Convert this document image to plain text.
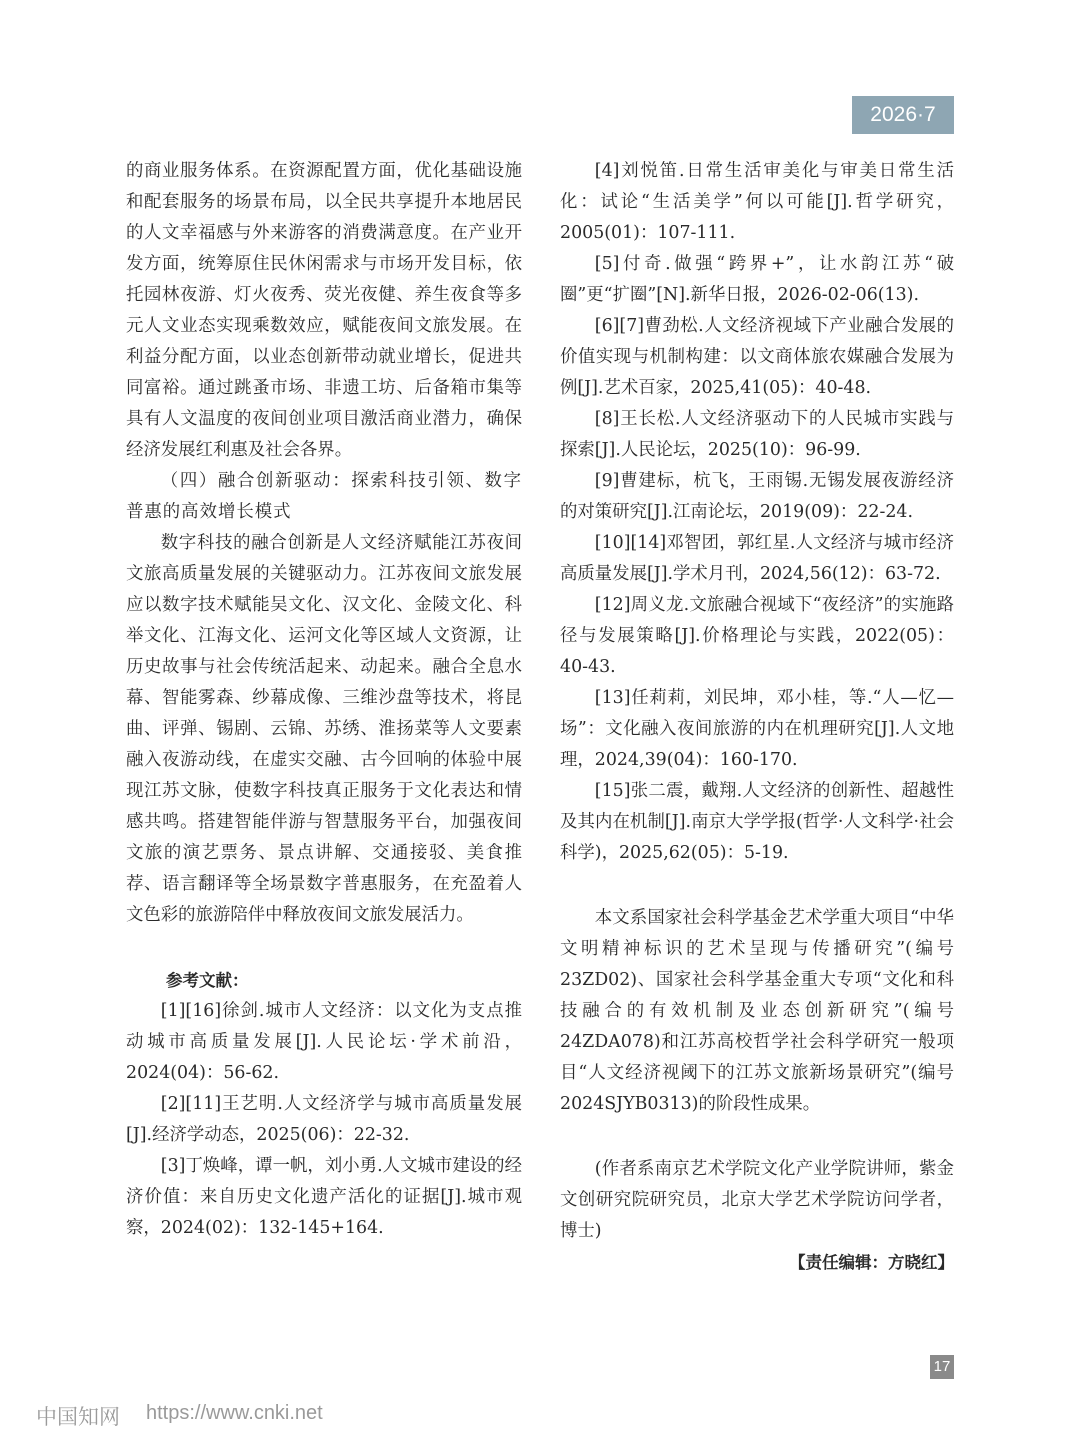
2026·7

的商业服务体系。在资源配置方面，优化基础设施和配套服务的场景布局，以全民共享提升本地居民的人文幸福感与外来游客的消费满意度。在产业开发方面，统筹原住民休闲需求与市场开发目标，依托园林夜游、灯火夜秀、荧光夜健、养生夜食等多元人文业态实现乘数效应，赋能夜间文旅发展。在利益分配方面，以业态创新带动就业增长，促进共同富裕。通过跳蚤市场、非遗工坊、后备箱市集等具有人文温度的夜间创业项目激活商业潜力，确保经济发展红利惠及社会各界。

（四）融合创新驱动：探索科技引领、数字普惠的高效增长模式

数字科技的融合创新是人文经济赋能江苏夜间文旅高质量发展的关键驱动力。江苏夜间文旅发展应以数字技术赋能吴文化、汉文化、金陵文化、科举文化、江海文化、运河文化等区域人文资源，让历史故事与社会传统活起来、动起来。融合全息水幕、智能雾森、纱幕成像、三维沙盘等技术，将昆曲、评弹、锡剧、云锦、苏绣、淮扬菜等人文要素融入夜游动线，在虚实交融、古今回响的体验中展现江苏文脉，使数字科技真正服务于文化表达和情感共鸣。搭建智能伴游与智慧服务平台，加强夜间文旅的演艺票务、景点讲解、交通接驳、美食推荐、语言翻译等全场景数字普惠服务，在充盈着人文色彩的旅游陪伴中释放夜间文旅发展活力。

参考文献：

[1][16]徐剑.城市人文经济：以文化为支点推动城市高质量发展[J].人民论坛·学术前沿，2024(04)：56-62.

[2][11]王艺明.人文经济学与城市高质量发展[J].经济学动态，2025(06)：22-32.

[3]丁焕峰，谭一帆，刘小勇.人文城市建设的经济价值：来自历史文化遗产活化的证据[J].城市观察，2024(02)：132-145+164.

[4]刘悦笛.日常生活审美化与审美日常生活化：试论“生活美学”何以可能[J].哲学研究，2005(01)：107-111.

[5]付奇.做强“跨界+”，让水韵江苏“破圈”更“扩圈”[N].新华日报，2026-02-06(13).

[6][7]曹劲松.人文经济视域下产业融合发展的价值实现与机制构建：以文商体旅农媒融合发展为例[J].艺术百家，2025,41(05)：40-48.

[8]王长松.人文经济驱动下的人民城市实践与探索[J].人民论坛，2025(10)：96-99.

[9]曹建标，杭飞，王雨锡.无锡发展夜游经济的对策研究[J].江南论坛，2019(09)：22-24.

[10][14]邓智团，郭红星.人文经济与城市经济高质量发展[J].学术月刊，2024,56(12)：63-72.

[12]周义龙.文旅融合视域下“夜经济”的实施路径与发展策略[J].价格理论与实践，2022(05)：40-43.

[13]任莉莉，刘民坤，邓小桂，等.“人—忆—场”：文化融入夜间旅游的内在机理研究[J].人文地理，2024,39(04)：160-170.

[15]张二震，戴翔.人文经济的创新性、超越性及其内在机制[J].南京大学学报(哲学·人文科学·社会科学)，2025,62(05)：5-19.

本文系国家社会科学基金艺术学重大项目“中华文明精神标识的艺术呈现与传播研究”(编号23ZD02)、国家社会科学基金重大专项“文化和科技融合的有效机制及业态创新研究”(编号24ZDA078)和江苏高校哲学社会科学研究一般项目“人文经济视阈下的江苏文旅新场景研究”(编号2024SJYB0313)的阶段性成果。

(作者系南京艺术学院文化产业学院讲师，紫金文创研究院研究员，北京大学艺术学院访问学者，博士)

【责任编辑：方晓红】

17
中国知网 https://www.cnki.net
